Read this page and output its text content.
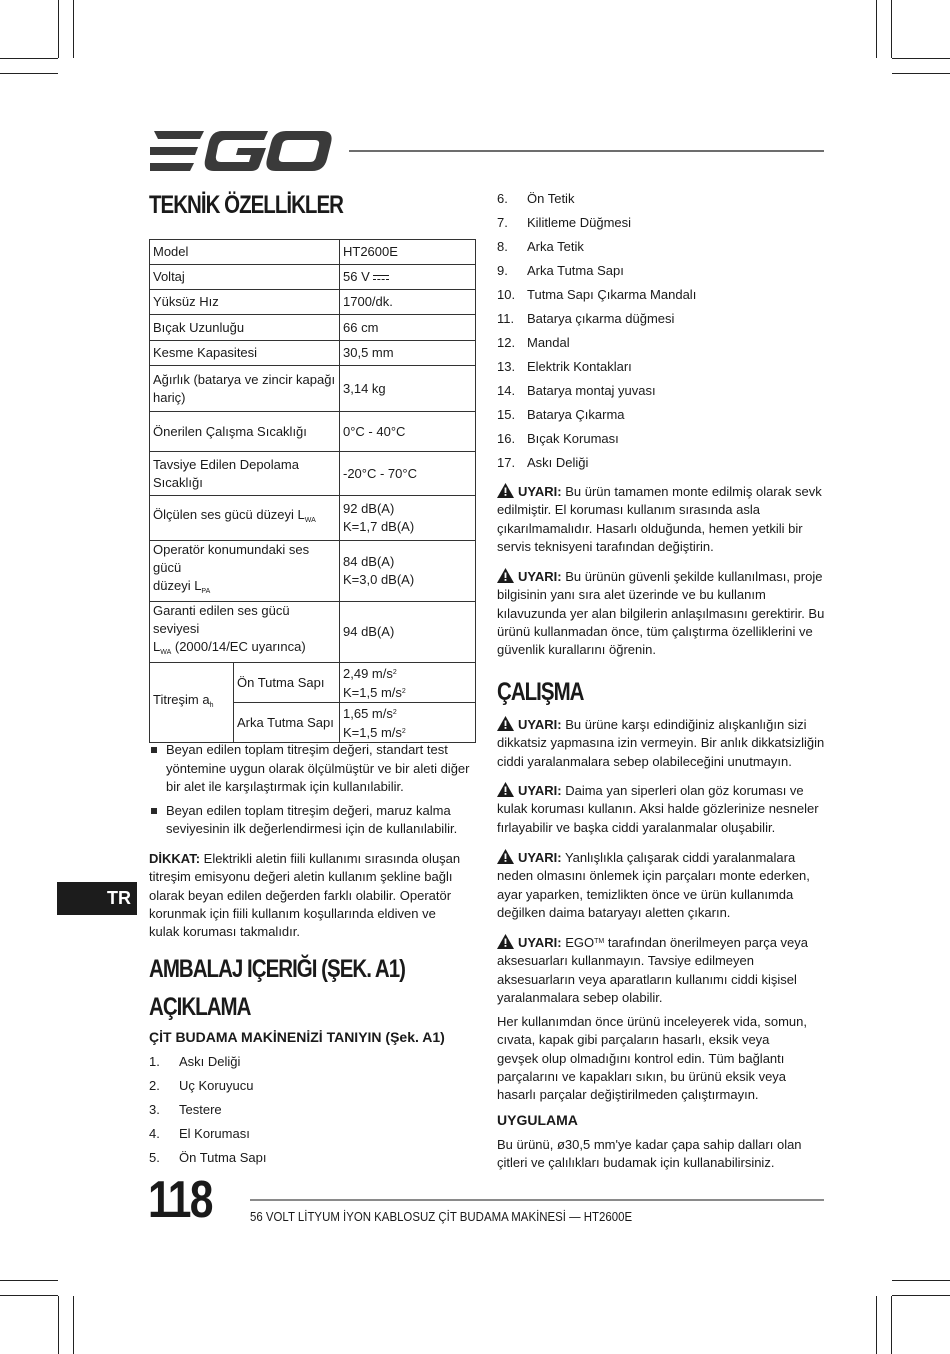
TEKNİK ÖZELLİKLER
Model		HT2600E
Voltaj		56 V
Yüksüz Hız		1700/dk.
Bıçak Uzunluğu		66 cm
Kesme Kapasitesi		30,5 mm
Ağırlık (batarya ve zincir kapağı hariç)		3,14 kg
Önerilen Çalışma Sıcaklığı		0°C - 40°C
Tavsiye Edilen Depolama Sıcaklığı		-20°C - 70°C
Ölçülen ses gücü düzeyi $L_{WA}$		92 dB(A)
K=1,7 dB(A)
Operatör konumundaki ses gücü
düzeyi $L_{PA}$		84 dB(A)
K=3,0 dB(A)
Garanti edilen ses gücü seviyesi
$L_{WA}$ (2000/14/EC uyarınca)		94 dB(A)
Titreşim $a_h$	Ön Tutma Sapı	2,49 $m/s^2$
K=1,5 $m/s^2$
	Arka Tutma Sapı	1,65 $m/s^2$
K=1,5 $m/s^2$
Beyan edilen toplam titreşim değeri, standart test yöntemine uygun olarak ölçülmüştür ve bir aleti diğer bir alet ile karşılaştırmak için kullanılabilir.
Beyan edilen toplam titreşim değeri, maruz kalma seviyesinin ilk değerlendirmesi için de kullanılabilir.

DİKKAT: Elektrikli aletin fiili kullanımı sırasında oluşan titreşim emisyonu değeri aletin kullanım şekline bağlı olarak beyan edilen değerden farklı olabilir. Operatör korunmak için fiili kullanım koşullarında eldiven ve kulak koruması takmalıdır.

AMBALAJ IÇERIĞI (ŞEK. A1)
AÇIKLAMA
ÇİT BUDAMA MAKİNENİZİ TANIYIN (Şek. A1)
1.	Askı Deliği
2.	Uç Koruyucu
3.	Testere
4.	El Koruması
5.	Ön Tutma Sapı
6.	Ön Tetik
7.	Kilitleme Düğmesi
8.	Arka Tetik
9.	Arka Tutma Sapı
10. Tutma Sapı Çıkarma Mandalı
11. Batarya çıkarma düğmesi
12. Mandal
13. Elektrik Kontakları
14. Batarya montaj yuvası
15. Batarya Çıkarma
16. Bıçak Koruması
17. Askı Deliği

UYARI: Bu ürün tamamen monte edilmiş olarak sevk edilmiştir. El koruması kullanım sırasında asla çıkarılmamalıdır. Hasarlı olduğunda, hemen yetkili bir servis teknisyeni tarafından değiştirin.

UYARI: Bu ürünün güvenli şekilde kullanılması, proje bilgisinin yanı sıra alet üzerinde ve bu kullanım kılavuzunda yer alan bilgilerin anlaşılmasını gerektirir. Bu ürünü kullanmadan önce, tüm çalıştırma özelliklerini ve güvenlik kurallarını öğrenin.

ÇALIŞMA

UYARI: Bu ürüne karşı edindiğiniz alışkanlığın sizi dikkatsiz yapmasına izin vermeyin. Bir anlık dikkatsizliğin ciddi yaralanmalara sebep olabileceğini unutmayın.

UYARI: Daima yan siperleri olan göz koruması ve kulak koruması kullanın. Aksi halde gözlerinize nesneler fırlayabilir ve başka ciddi yaralanmalar oluşabilir.

UYARI: Yanlışlıkla çalışarak ciddi yaralanmalara neden olmasını önlemek için parçaları monte ederken, ayar yaparken, temizlikten önce ve ürün kullanımda değilken daima bataryayı aletten çıkarın.

UYARI: EGO™ tarafından önerilmeyen parça veya aksesuarları kullanmayın. Tavsiye edilmeyen aksesuarların veya aparatların kullanımı ciddi kişisel yaralanmalara sebep olabilir.

Her kullanımdan önce ürünü inceleyerek vida, somun, cıvata, kapak gibi parçaların hasarlı, eksik veya gevşek olup olmadığını kontrol edin. Tüm bağlantı parçalarını ve kapakları sıkın, bu ürünü eksik veya hasarlı parçalar değiştirilmeden çalıştırmayın.

UYGULAMA

Bu ürünü, ø30,5 mm'ye kadar çapa sahip dalları olan çitleri ve çalılıkları budamak için kullanabilirsiniz.

TR
118	56 VOLT LİTYUM İYON KABLOSUZ ÇİT BUDAMA MAKİNESİ — HT2600E
